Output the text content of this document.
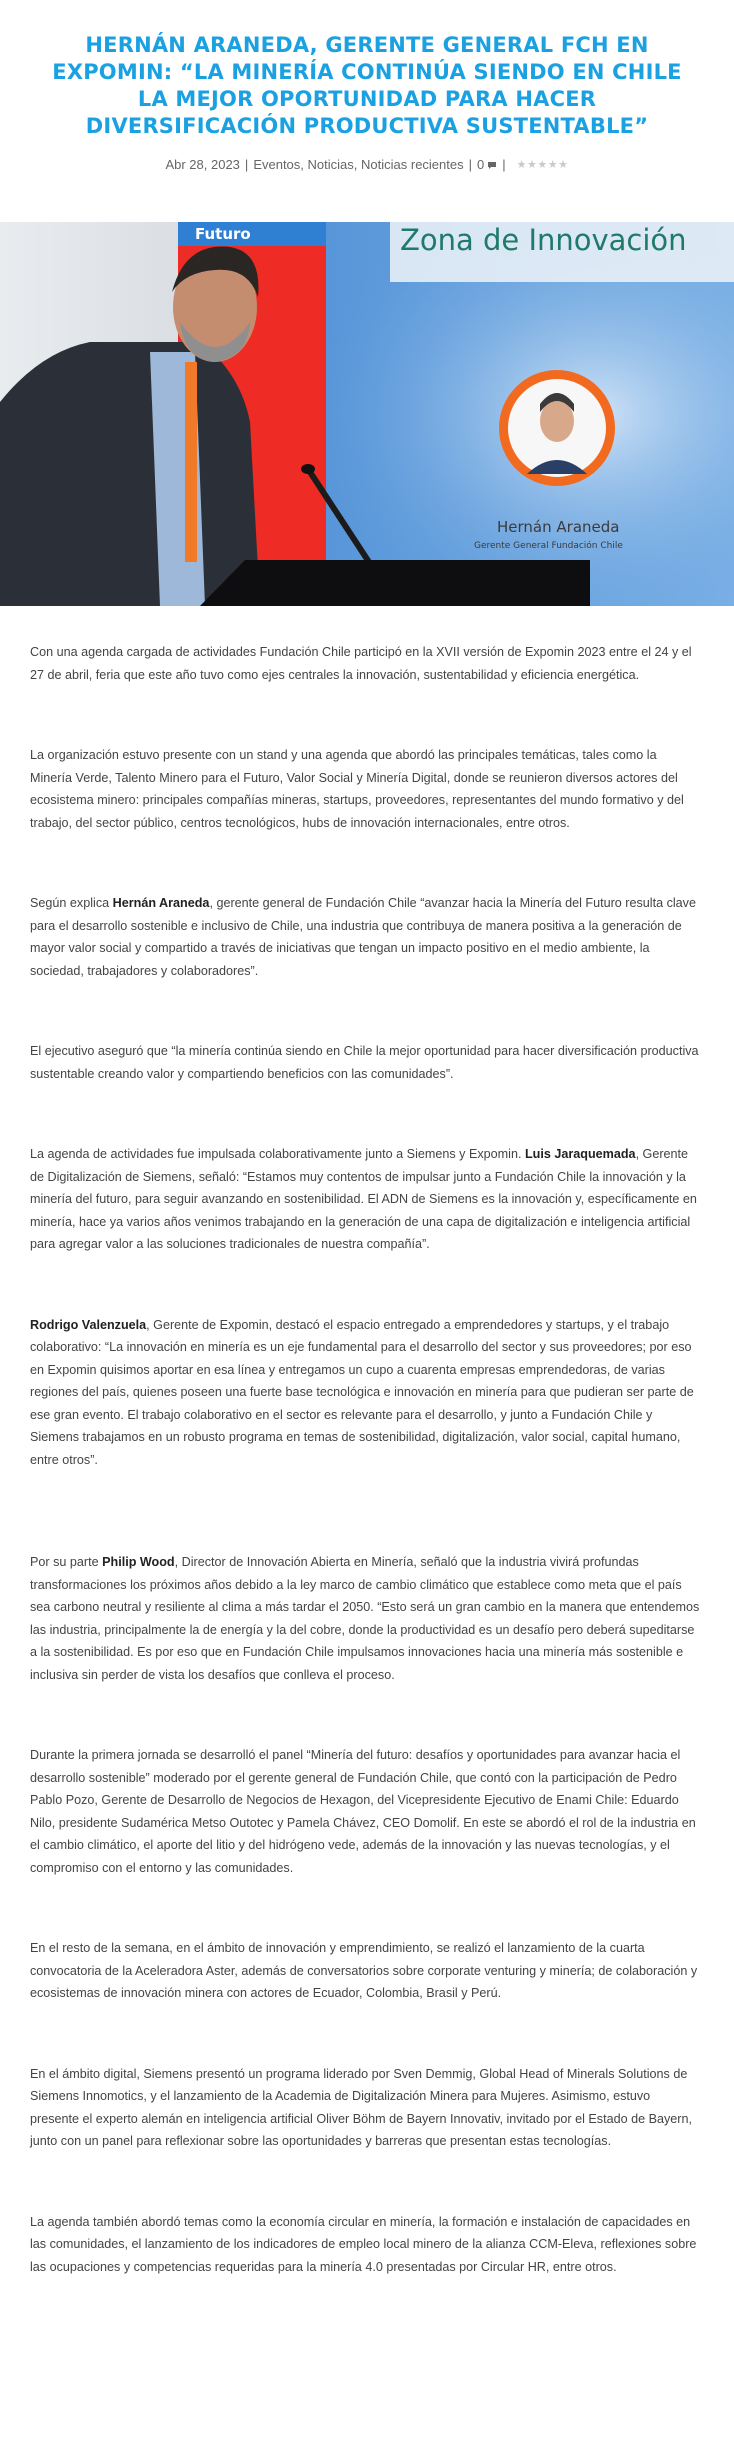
HERNÁN ARANEDA, GERENTE GENERAL FCH EN EXPOMIN: “LA MINERÍA CONTINÚA SIENDO EN CHILE LA MEJOR OPORTUNIDAD PARA HACER DIVERSIFICACIÓN PRODUCTIVA SUSTENTABLE”
Abr 28, 2023 | Eventos, Noticias, Noticias recientes | 0 | ★★★★★
Futuro	Zona de Innovación
Hernán Araneda
Gerente General Fundación Chile

Con una agenda cargada de actividades Fundación Chile participó en la XVII versión de Expomin 2023 entre el 24 y el 27 de abril, feria que este año tuvo como ejes centrales la innovación, sustentabilidad y eficiencia energética.

La organización estuvo presente con un stand y una agenda que abordó las principales temáticas, tales como la Minería Verde, Talento Minero para el Futuro, Valor Social y Minería Digital, donde se reunieron diversos actores del ecosistema minero: principales compañías mineras, startups, proveedores, representantes del mundo formativo y del trabajo, del sector público, centros tecnológicos, hubs de innovación internacionales, entre otros.

Según explica Hernán Araneda, gerente general de Fundación Chile “avanzar hacia la Minería del Futuro resulta clave para el desarrollo sostenible e inclusivo de Chile, una industria que contribuya de manera positiva a la generación de mayor valor social y compartido a través de iniciativas que tengan un impacto positivo en el medio ambiente, la sociedad, trabajadores y colaboradores”.

El ejecutivo aseguró que “la minería continúa siendo en Chile la mejor oportunidad para hacer diversificación productiva sustentable creando valor y compartiendo beneficios con las comunidades”.

La agenda de actividades fue impulsada colaborativamente junto a Siemens y Expomin. Luis Jaraquemada, Gerente de Digitalización de Siemens, señaló: “Estamos muy contentos de impulsar junto a Fundación Chile la innovación y la minería del futuro, para seguir avanzando en sostenibilidad. El ADN de Siemens es la innovación y, específicamente en minería, hace ya varios años venimos trabajando en la generación de una capa de digitalización e inteligencia artificial para agregar valor a las soluciones tradicionales de nuestra compañía”.

Rodrigo Valenzuela, Gerente de Expomin, destacó el espacio entregado a emprendedores y startups, y el trabajo colaborativo: “La innovación en minería es un eje fundamental para el desarrollo del sector y sus proveedores; por eso en Expomin quisimos aportar en esa línea y entregamos un cupo a cuarenta empresas emprendedoras, de varias regiones del país, quienes poseen una fuerte base tecnológica e innovación en minería para que pudieran ser parte de ese gran evento. El trabajo colaborativo en el sector es relevante para el desarrollo, y junto a Fundación Chile y Siemens trabajamos en un robusto programa en temas de sostenibilidad, digitalización, valor social, capital humano, entre otros”.

Por su parte Philip Wood, Director de Innovación Abierta en Minería, señaló que la industria vivirá profundas transformaciones los próximos años debido a la ley marco de cambio climático que establece como meta que el país sea carbono neutral y resiliente al clima a más tardar el 2050. “Esto será un gran cambio en la manera que entendemos las industria, principalmente la de energía y la del cobre, donde la productividad es un desafío pero deberá supeditarse a la sostenibilidad. Es por eso que en Fundación Chile impulsamos innovaciones hacia una minería más sostenible e inclusiva sin perder de vista los desafíos que conlleva el proceso.

Durante la primera jornada se desarrolló el panel “Minería del futuro: desafíos y oportunidades para avanzar hacia el desarrollo sostenible” moderado por el gerente general de Fundación Chile, que contó con la participación de Pedro Pablo Pozo, Gerente de Desarrollo de Negocios de Hexagon, del Vicepresidente Ejecutivo de Enami Chile: Eduardo Nilo, presidente Sudamérica Metso Outotec y Pamela Chávez, CEO Domolif. En este se abordó el rol de la industria en el cambio climático, el aporte del litio y del hidrógeno vede, además de la innovación y las nuevas tecnologías, y el compromiso con el entorno y las comunidades.

En el resto de la semana, en el ámbito de innovación y emprendimiento, se realizó el lanzamiento de la cuarta convocatoria de la Aceleradora Aster, además de conversatorios sobre corporate venturing y minería; de colaboración y ecosistemas de innovación minera con actores de Ecuador, Colombia, Brasil y Perú.

En el ámbito digital, Siemens presentó un programa liderado por Sven Demmig, Global Head of Minerals Solutions de Siemens Innomotics, y el lanzamiento de la Academia de Digitalización Minera para Mujeres. Asimismo, estuvo presente el experto alemán en inteligencia artificial Oliver Böhm de Bayern Innovativ, invitado por el Estado de Bayern, junto con un panel para reflexionar sobre las oportunidades y barreras que presentan estas tecnologías.

La agenda también abordó temas como la economía circular en minería, la formación e instalación de capacidades en las comunidades, el lanzamiento de los indicadores de empleo local minero de la alianza CCM-Eleva, reflexiones sobre las ocupaciones y competencias requeridas para la minería 4.0 presentadas por Circular HR, entre otros.
